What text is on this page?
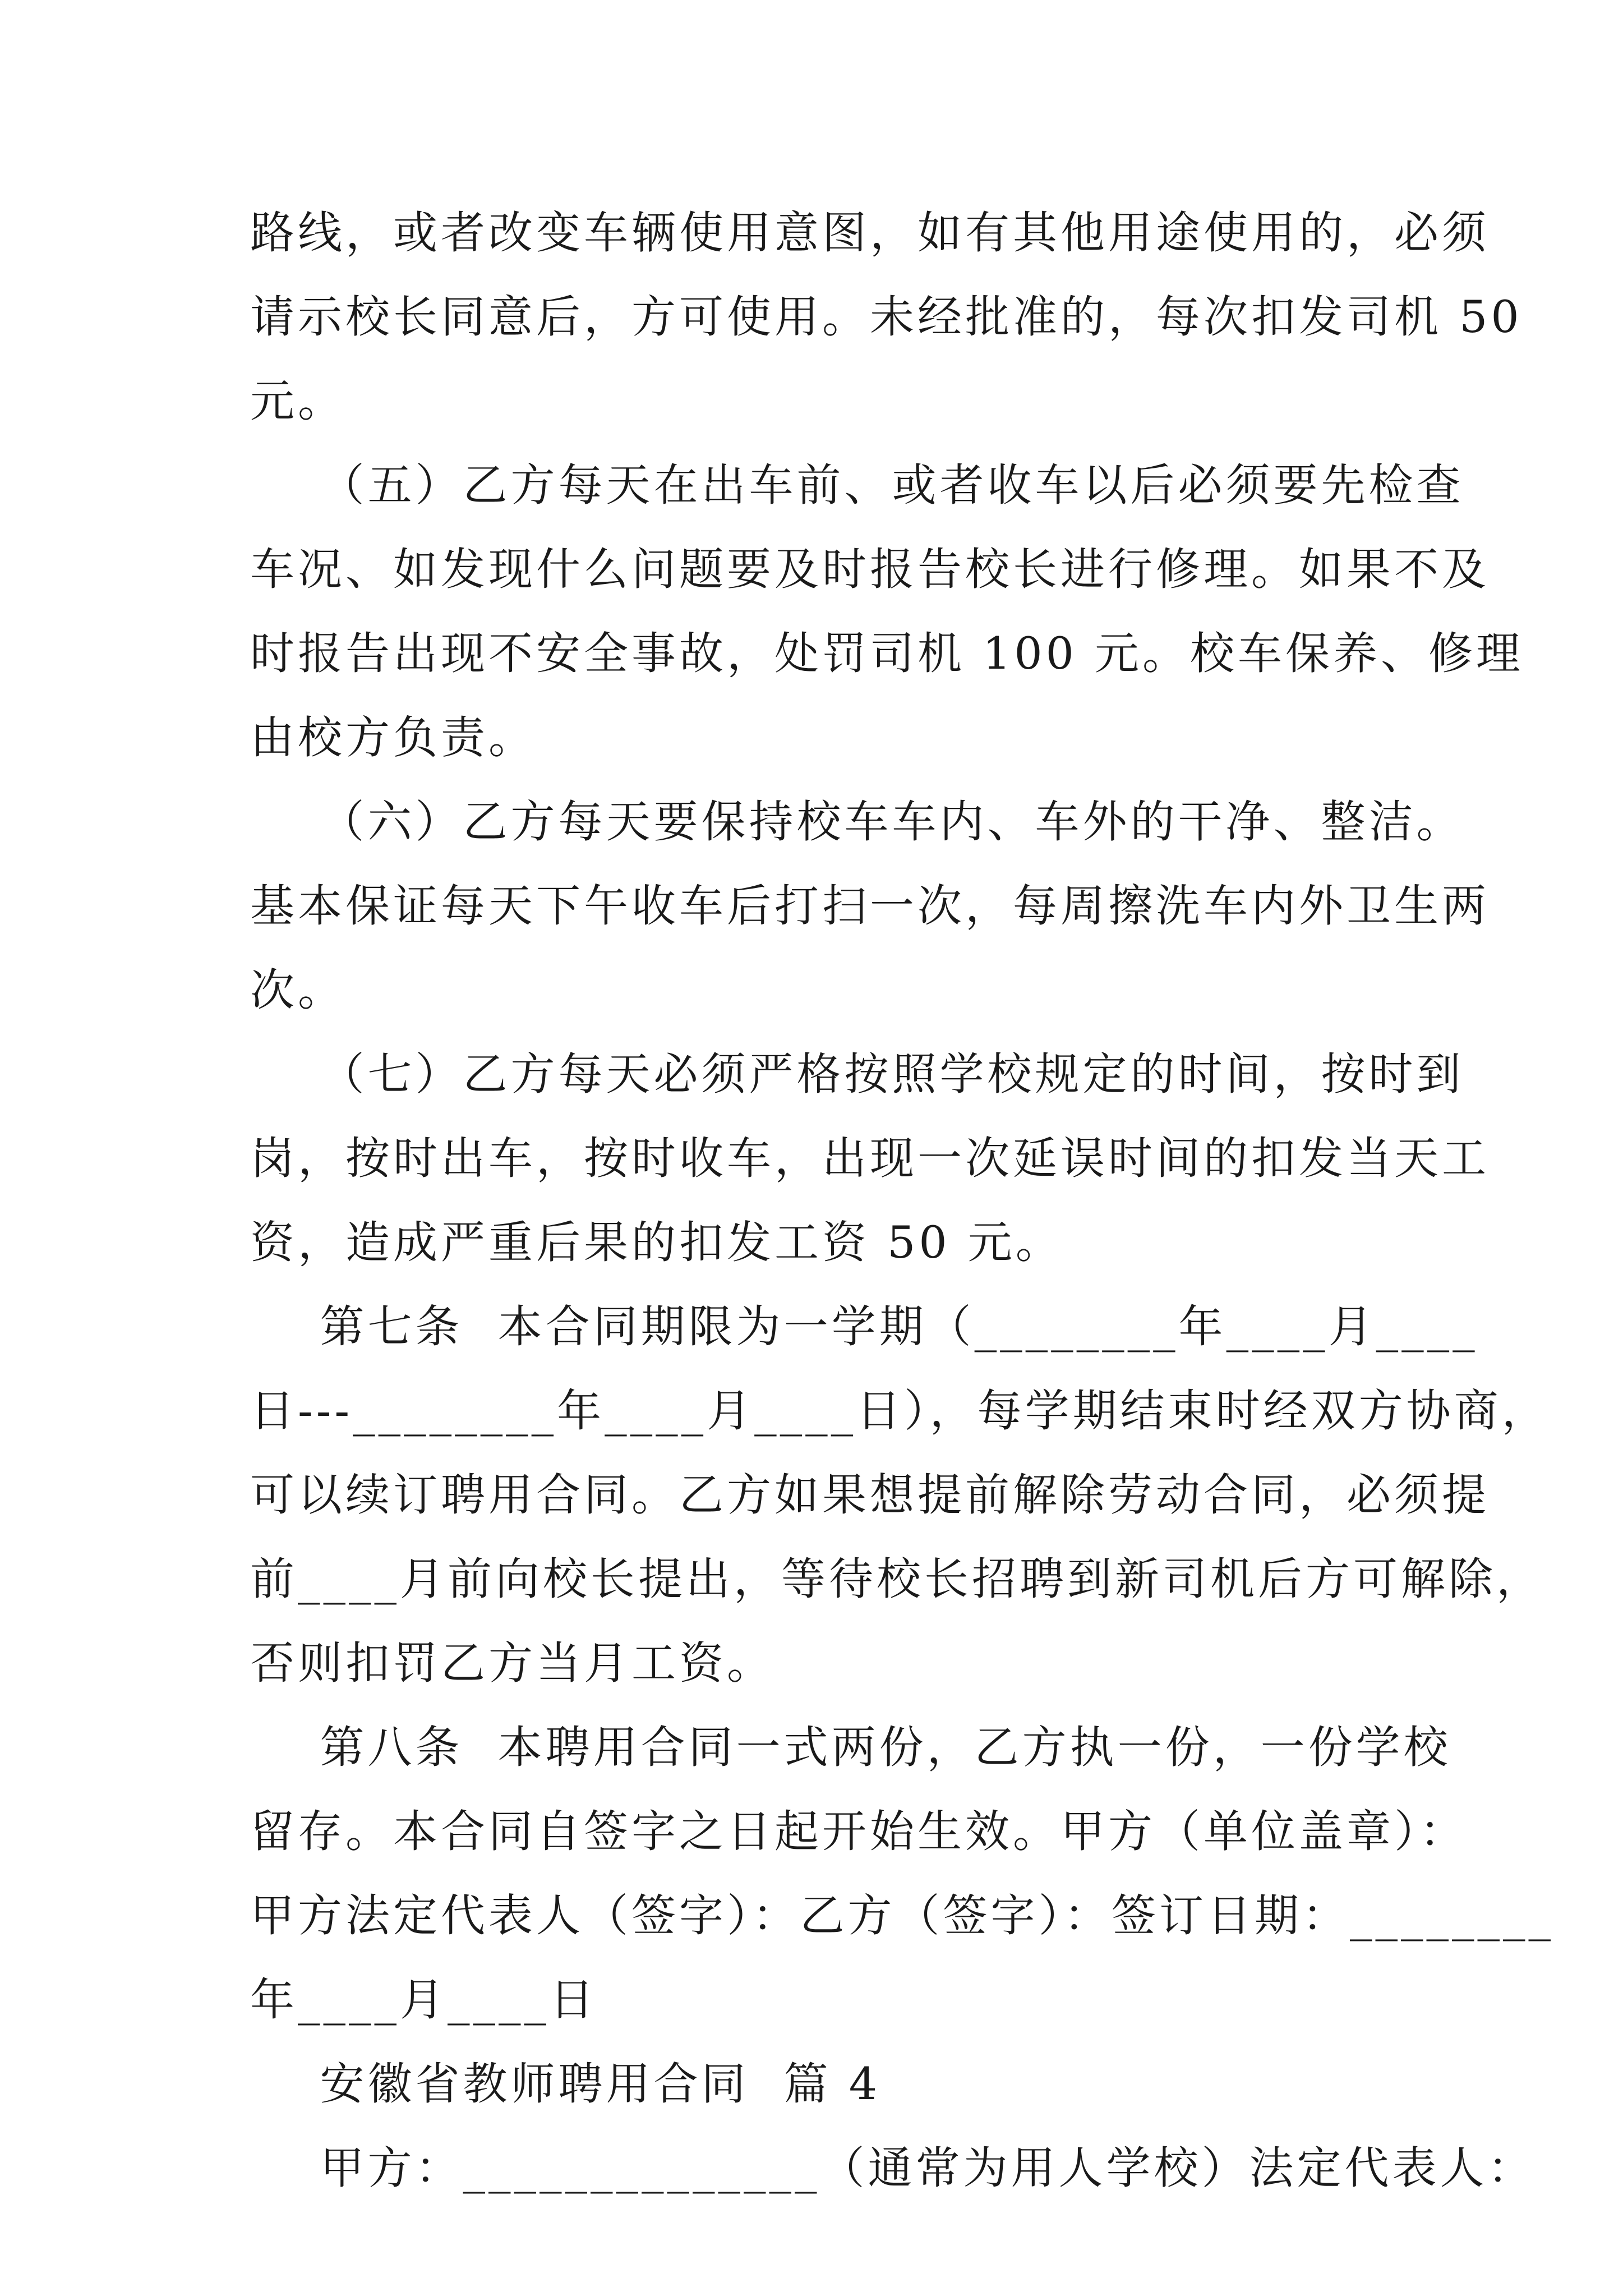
路线，或者改变车辆使用意图，如有其他用途使用的，必须
请示校长同意后，方可使用。未经批准的，每次扣发司机 50
元。
（五）乙方每天在出车前、或者收车以后必须要先检查
车况、如发现什么问题要及时报告校长进行修理。如果不及
时报告出现不安全事故，处罚司机 100 元。校车保养、修理
由校方负责。
（六）乙方每天要保持校车车内、车外的干净、整洁。
基本保证每天下午收车后打扫一次，每周擦洗车内外卫生两
次。
（七）乙方每天必须严格按照学校规定的时间，按时到
岗，按时出车，按时收车，出现一次延误时间的扣发当天工
资，造成严重后果的扣发工资 50 元。
第七条  本合同期限为一学期（________年____月____
日---________年____月____日），每学期结束时经双方协商，
可以续订聘用合同。乙方如果想提前解除劳动合同，必须提
前____月前向校长提出，等待校长招聘到新司机后方可解除，
否则扣罚乙方当月工资。
第八条  本聘用合同一式两份，乙方执一份，一份学校
留存。本合同自签字之日起开始生效。甲方（单位盖章）：
甲方法定代表人（签字）：乙方（签字）：签订日期：________
年____月____日
安徽省教师聘用合同  篇 4
甲方：______________（通常为用人学校）法定代表人：
